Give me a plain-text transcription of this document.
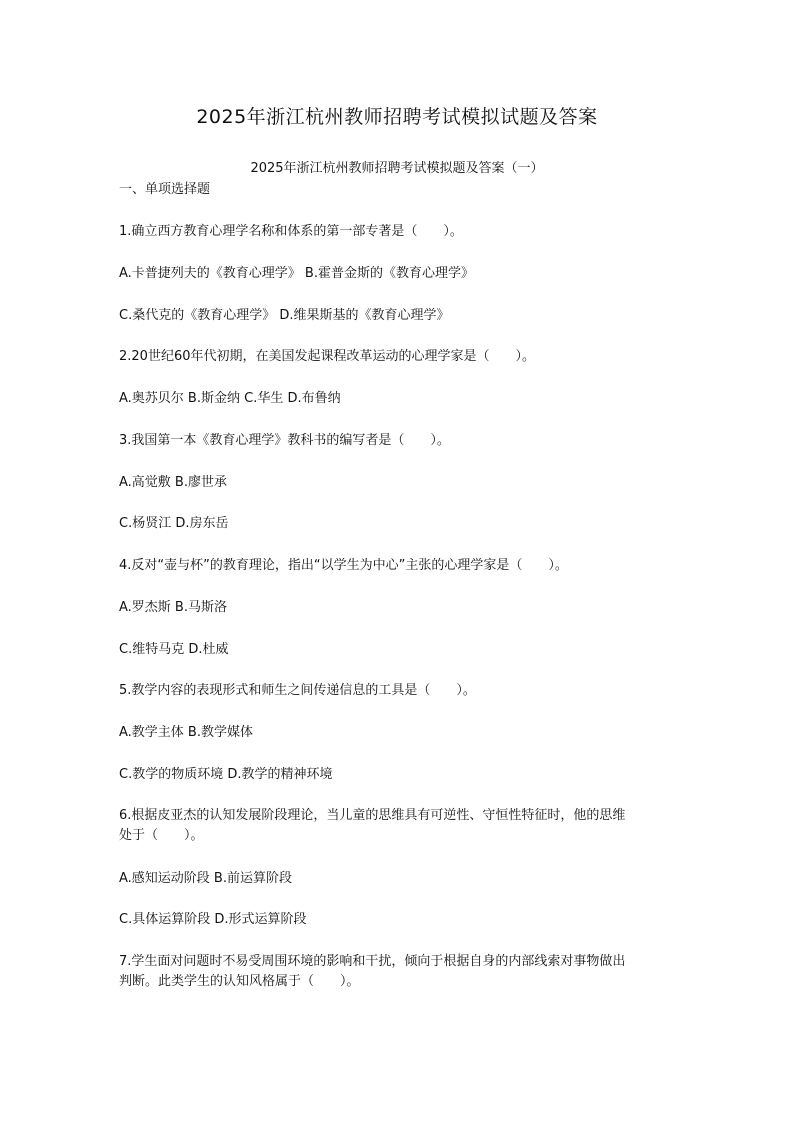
2025年浙江杭州教师招聘考试模拟试题及答案
2025年浙江杭州教师招聘考试模拟题及答案（一）
一、单项选择题
1.确立西方教育心理学名称和体系的第一部专著是（　　）。
A.卡普捷列夫的《教育心理学》 B.霍普金斯的《教育心理学》
C.桑代克的《教育心理学》 D.维果斯基的《教育心理学》
2.20世纪60年代初期，在美国发起课程改革运动的心理学家是（　　）。
A.奥苏贝尔 B.斯金纳 C.华生 D.布鲁纳
3.我国第一本《教育心理学》教科书的编写者是（　　）。
A.高觉敷 B.廖世承
C.杨贤江 D.房东岳
4.反对“壶与杯”的教育理论，指出“以学生为中心”主张的心理学家是（　　）。
A.罗杰斯 B.马斯洛
C.维特马克 D.杜威
5.教学内容的表现形式和师生之间传递信息的工具是（　　）。
A.教学主体 B.教学媒体
C.教学的物质环境 D.教学的精神环境
6.根据皮亚杰的认知发展阶段理论，当儿童的思维具有可逆性、守恒性特征时，他的思维
处于（　　）。
A.感知运动阶段 B.前运算阶段
C.具体运算阶段 D.形式运算阶段
7.学生面对问题时不易受周围环境的影响和干扰，倾向于根据自身的内部线索对事物做出
判断。此类学生的认知风格属于（　　）。
